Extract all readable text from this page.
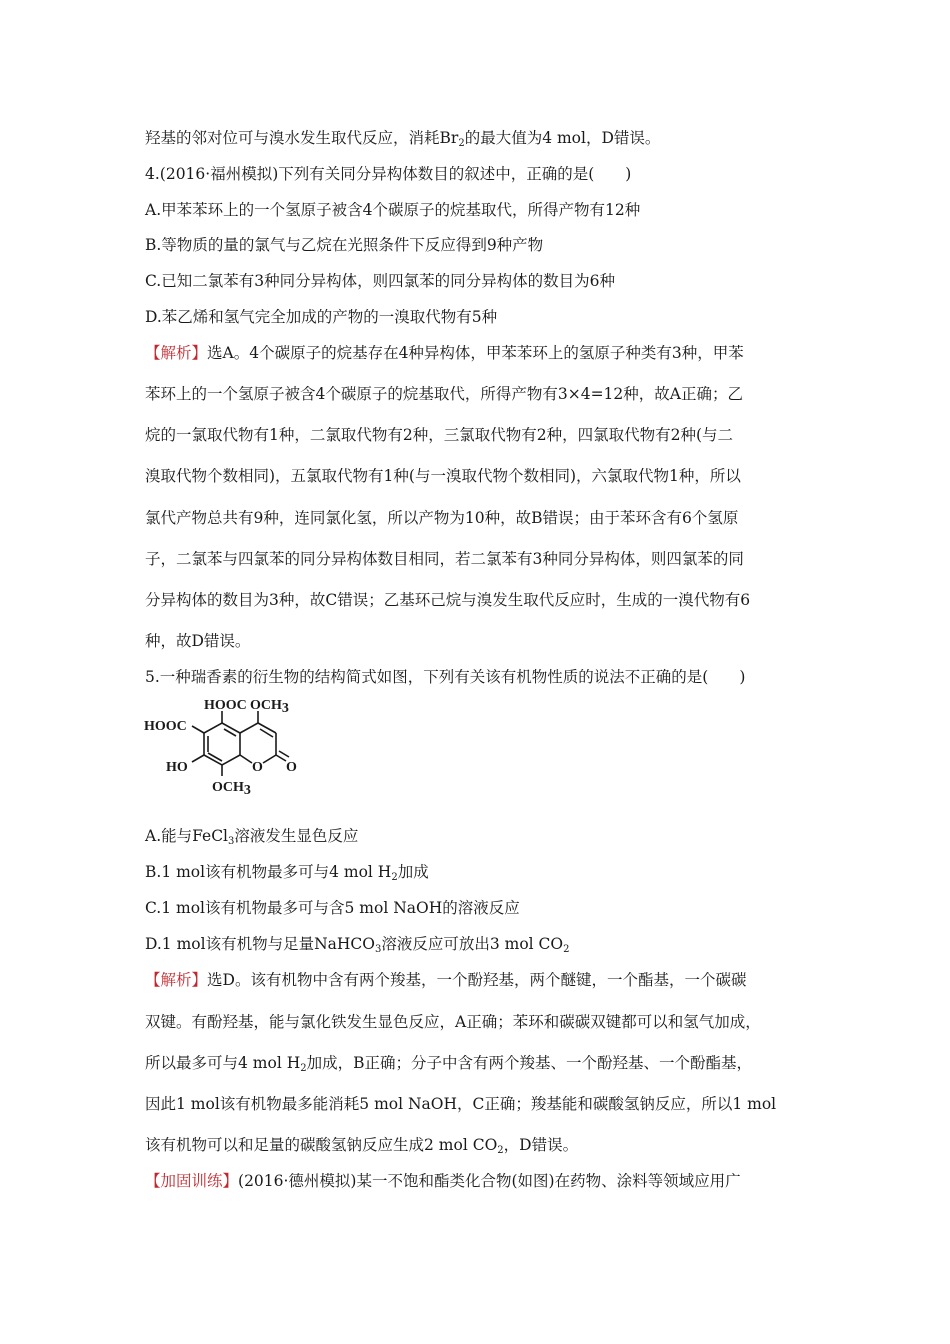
羟基的邻对位可与溴水发生取代反应，消耗$Br_2$的最大值为4 mol，D错误。
4.(2016·福州模拟)下列有关同分异构体数目的叙述中，正确的是(　　)
A.甲苯苯环上的一个氢原子被含4个碳原子的烷基取代，所得产物有12种
B.等物质的量的氯气与乙烷在光照条件下反应得到9种产物
C.已知二氯苯有3种同分异构体，则四氯苯的同分异构体的数目为6种
D.苯乙烯和氢气完全加成的产物的一溴取代物有5种
【解析】选A。4个碳原子的烷基存在4种异构体，甲苯苯环上的氢原子种类有3种，甲苯
苯环上的一个氢原子被含4个碳原子的烷基取代，所得产物有3×4=12种，故A正确；乙
烷的一氯取代物有1种，二氯取代物有2种，三氯取代物有2种，四氯取代物有2种(与二
溴取代物个数相同)，五氯取代物有1种(与一溴取代物个数相同)，六氯取代物1种，所以
氯代产物总共有9种，连同氯化氢，所以产物为10种，故B错误；由于苯环含有6个氢原
子，二氯苯与四氯苯的同分异构体数目相同，若二氯苯有3种同分异构体，则四氯苯的同
分异构体的数目为3种，故C错误；乙基环己烷与溴发生取代反应时，生成的一溴代物有6
种，故D错误。
5.一种瑞香素的衍生物的结构简式如图，下列有关该有机物性质的说法不正确的是(　　)
HOOC OCH3
HOOC
HO	O O
OCH3
A.能与FeCl$_3$溶液发生显色反应
B.1 mol该有机物最多可与4 mol $H_2$加成
C.1 mol该有机物最多可与含5 mol NaOH的溶液反应
D.1 mol该有机物与足量NaHCO$_3$溶液反应可放出3 mol $CO_2$
【解析】选D。该有机物中含有两个羧基，一个酚羟基，两个醚键，一个酯基，一个碳碳
双键。有酚羟基，能与氯化铁发生显色反应，A正确；苯环和碳碳双键都可以和氢气加成，
所以最多可与4 mol $H_2$加成，B正确；分子中含有两个羧基、一个酚羟基、一个酚酯基，
因此1 mol该有机物最多能消耗5 mol NaOH，C正确；羧基能和碳酸氢钠反应，所以1 mol
该有机物可以和足量的碳酸氢钠反应生成2 mol $CO_2$，D错误。
【加固训练】(2016·德州模拟)某一不饱和酯类化合物(如图)在药物、涂料等领域应用广
